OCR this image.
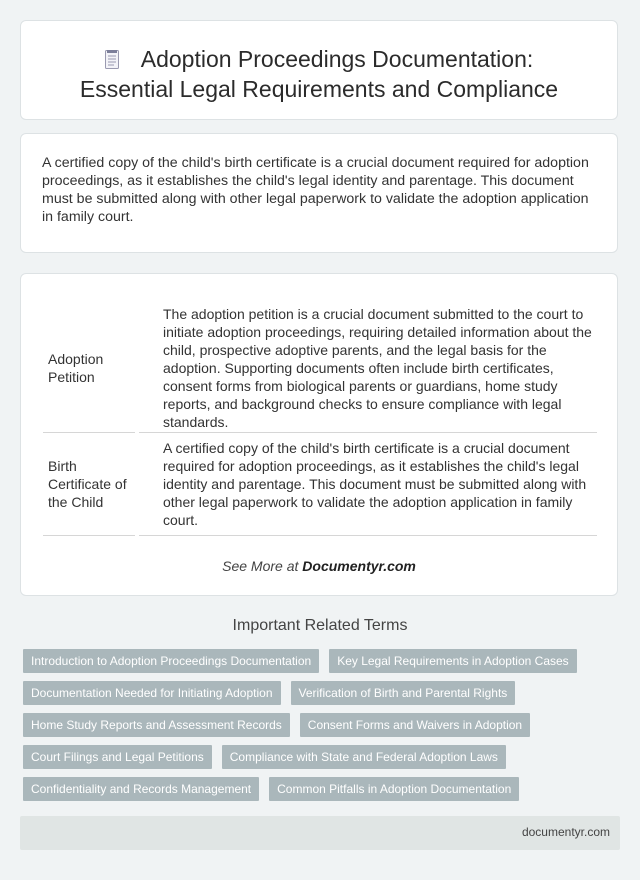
Adoption Proceedings Documentation:
Essential Legal Requirements and Compliance
A certified copy of the child's birth certificate is a crucial document required for adoption proceedings, as it establishes the child's legal identity and parentage. This document must be submitted along with other legal paperwork to validate the adoption application in family court.
Adoption Petition
The adoption petition is a crucial document submitted to the court to initiate adoption proceedings, requiring detailed information about the child, prospective adoptive parents, and the legal basis for the adoption. Supporting documents often include birth certificates, consent forms from biological parents or guardians, home study reports, and background checks to ensure compliance with legal standards.
Birth Certificate of the Child
A certified copy of the child's birth certificate is a crucial document required for adoption proceedings, as it establishes the child's legal identity and parentage. This document must be submitted along with other legal paperwork to validate the adoption application in family court.
See More at Documentyr.com
Important Related Terms
Introduction to Adoption Proceedings Documentation Key Legal Requirements in Adoption Cases
Documentation Needed for Initiating Adoption Verification of Birth and Parental Rights
Home Study Reports and Assessment Records Consent Forms and Waivers in Adoption
Court Filings and Legal Petitions Compliance with State and Federal Adoption Laws
Confidentiality and Records Management Common Pitfalls in Adoption Documentation
documentyr.com
